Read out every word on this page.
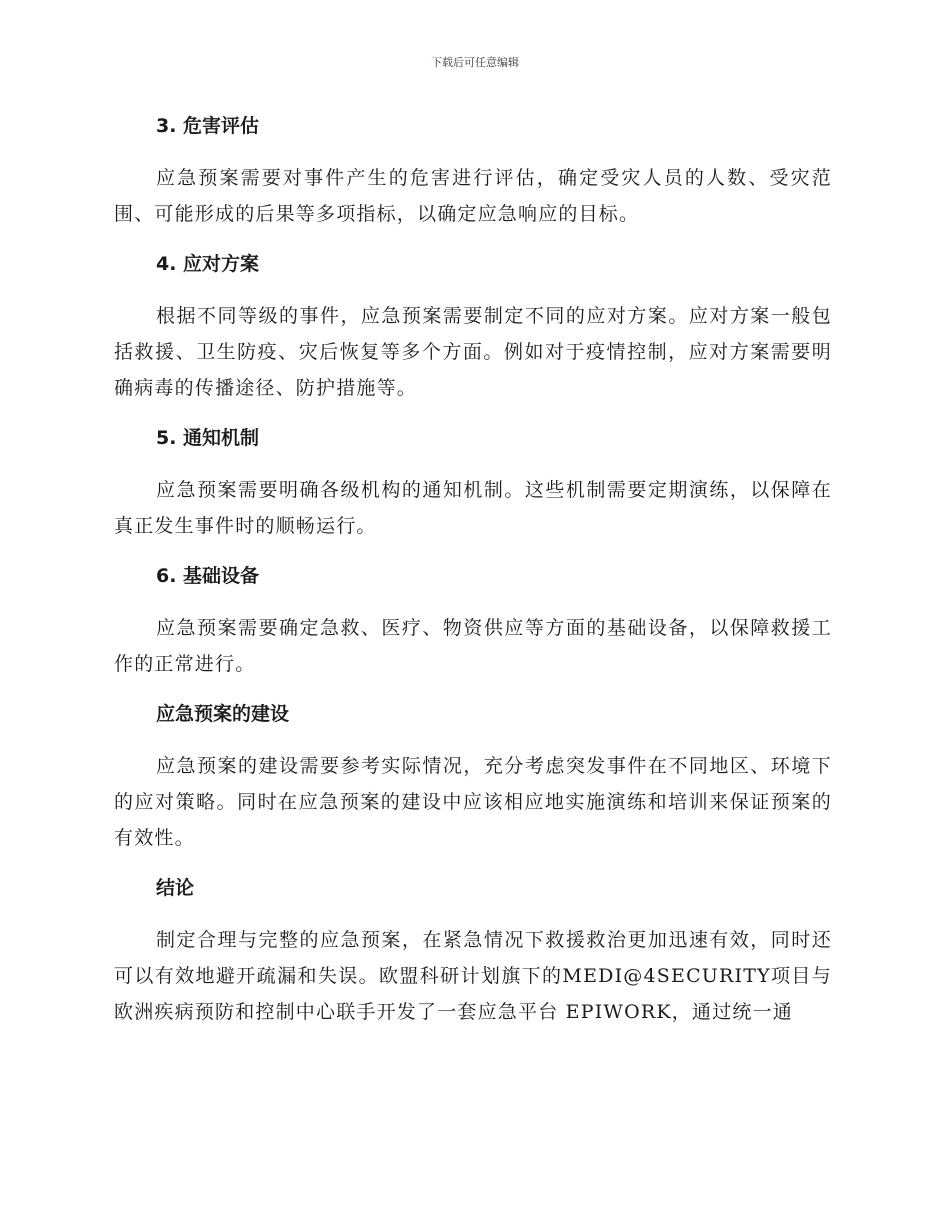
下载后可任意编辑
3. 危害评估

应急预案需要对事件产生的危害进行评估，确定受灾人员的人数、受灾范围、可能形成的后果等多项指标，以确定应急响应的目标。

4. 应对方案

根据不同等级的事件，应急预案需要制定不同的应对方案。应对方案一般包括救援、卫生防疫、灾后恢复等多个方面。例如对于疫情控制，应对方案需要明确病毒的传播途径、防护措施等。

5. 通知机制

应急预案需要明确各级机构的通知机制。这些机制需要定期演练，以保障在真正发生事件时的顺畅运行。

6. 基础设备

应急预案需要确定急救、医疗、物资供应等方面的基础设备，以保障救援工作的正常进行。

应急预案的建设

应急预案的建设需要参考实际情况，充分考虑突发事件在不同地区、环境下的应对策略。同时在应急预案的建设中应该相应地实施演练和培训来保证预案的有效性。

结论

制定合理与完整的应急预案，在紧急情况下救援救治更加迅速有效，同时还可以有效地避开疏漏和失误。欧盟科研计划旗下的MEDI@4SECURITY项目与欧洲疾病预防和控制中心联手开发了一套应急平台 EPIWORK，通过统一通
